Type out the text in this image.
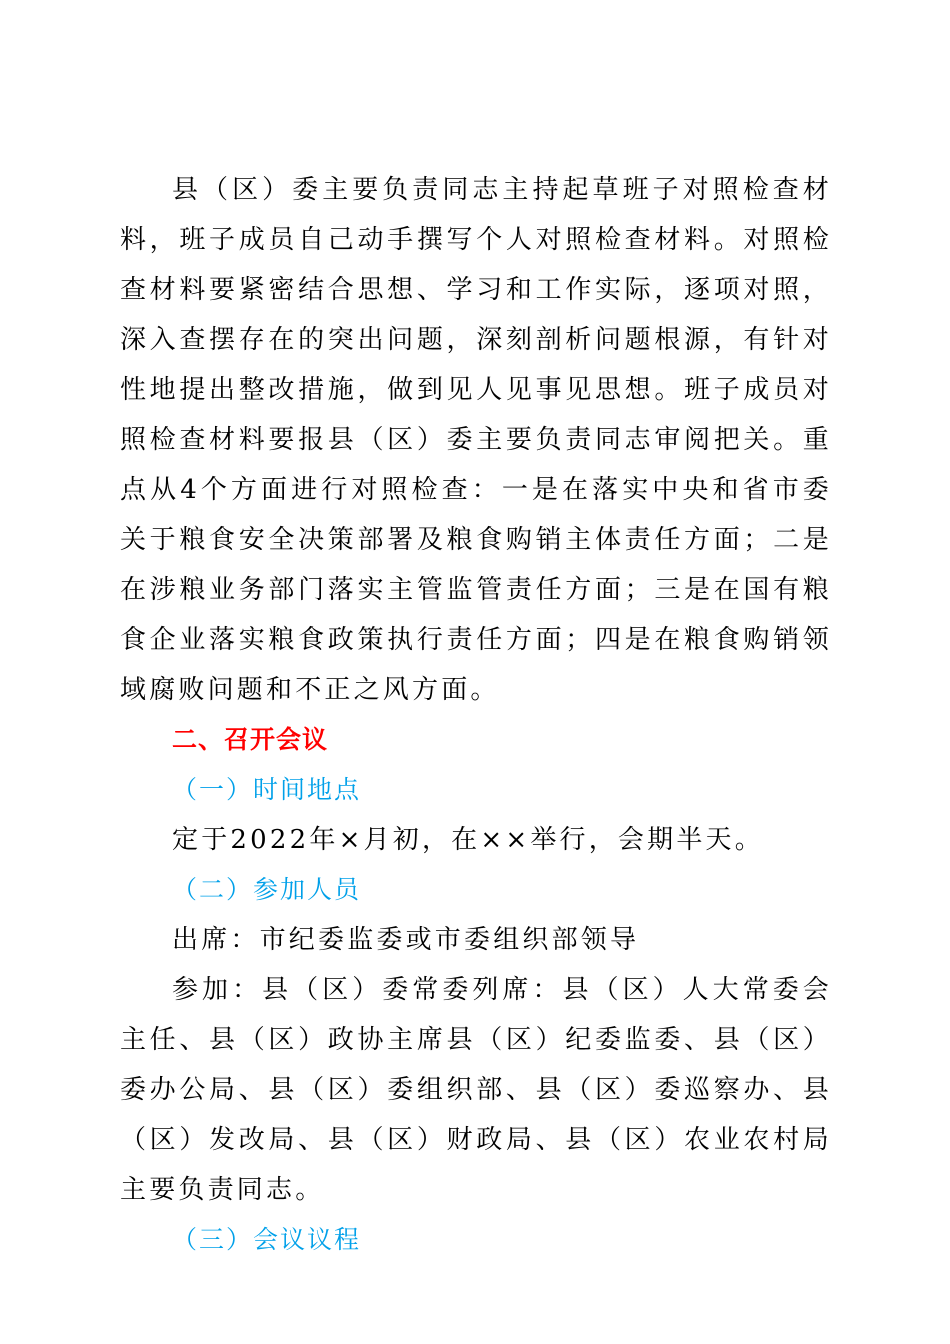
县（区）委主要负责同志主持起草班子对照检查材料，班子成员自己动手撰写个人对照检查材料。对照检查材料要紧密结合思想、学习和工作实际，逐项对照，深入查摆存在的突出问题，深刻剖析问题根源，有针对性地提出整改措施，做到见人见事见思想。班子成员对照检查材料要报县（区）委主要负责同志审阅把关。重点从4个方面进行对照检查：一是在落实中央和省市委关于粮食安全决策部署及粮食购销主体责任方面；二是在涉粮业务部门落实主管监管责任方面；三是在国有粮食企业落实粮食政策执行责任方面；四是在粮食购销领域腐败问题和不正之风方面。

二、召开会议

（一）时间地点

定于2022年×月初，在××举行，会期半天。

（二）参加人员

出席：市纪委监委或市委组织部领导

参加：县（区）委常委列席：县（区）人大常委会主任、县（区）政协主席县（区）纪委监委、县（区）委办公局、县（区）委组织部、县（区）委巡察办、县（区）发改局、县（区）财政局、县（区）农业农村局主要负责同志。

（三）会议议程
